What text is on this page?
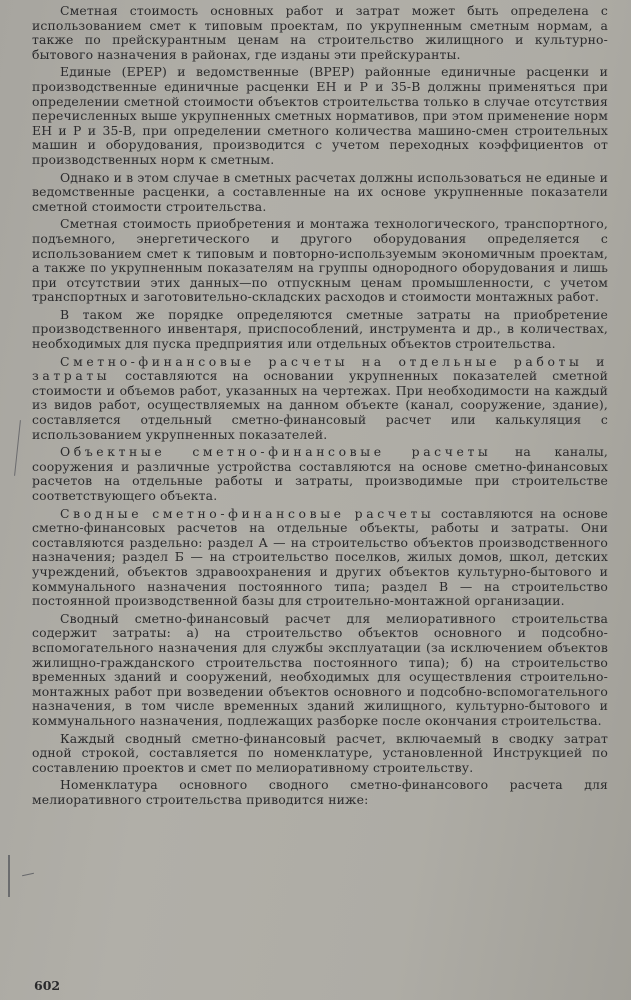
Сметная стоимость основных работ и затрат может быть определена с использованием смет к типовым проектам, по укрупненным сметным нормам, а также по прейскурантным ценам на строительство жилищного и культурно-бытового назначения в районах, где изданы эти прейскуранты.

Единые (ЕРЕР) и ведомственные (ВРЕР) районные единичные расценки и производственные единичные расценки ЕН и Р и 35-В должны применяться при определении сметной стоимости объектов строительства только в случае отсутствия перечисленных выше укрупненных сметных нормативов, при этом применение норм ЕН и Р и 35-В, при определении сметного количества машино-смен строительных машин и оборудования, производится с учетом переходных коэффициентов от производственных норм к сметным.

Однако и в этом случае в сметных расчетах должны использоваться не единые и ведомственные расценки, а составленные на их основе укрупненные показатели сметной стоимости строительства.

Сметная стоимость приобретения и монтажа технологического, транспортного, подъемного, энергетического и другого оборудования определяется с использованием смет к типовым и повторно-используемым экономичным проектам, а также по укрупненным показателям на группы однородного оборудования и лишь при отсутствии этих данных—по отпускным ценам промышленности, с учетом транспортных и заготовительно-складских расходов и стоимости монтажных работ.

В таком же порядке определяются сметные затраты на приобретение производственного инвентаря, приспособлений, инструмента и др., в количествах, необходимых для пуска предприятия или отдельных объектов строительства.

Сметно-финансовые расчеты на отдельные работы и затраты составляются на основании укрупненных показателей сметной стоимости и объемов работ, указанных на чертежах. При необходимости на каждый из видов работ, осуществляемых на данном объекте (канал, сооружение, здание), составляется отдельный сметно-финансовый расчет или калькуляция с использованием укрупненных показателей.

Объектные сметно-финансовые расчеты на каналы, сооружения и различные устройства составляются на основе сметно-финансовых расчетов на отдельные работы и затраты, производимые при строительстве соответствующего объекта.

Сводные сметно-финансовые расчеты составляются на основе сметно-финансовых расчетов на отдельные объекты, работы и затраты. Они составляются раздельно: раздел А — на строительство объектов производственного назначения; раздел Б — на строительство поселков, жилых домов, школ, детских учреждений, объектов здравоохранения и других объектов культурно-бытового и коммунального назначения постоянного типа; раздел В — на строительство постоянной производственной базы для строительно-монтажной организации.

Сводный сметно-финансовый расчет для мелиоративного строительства содержит затраты: а) на строительство объектов основного и подсобно-вспомогательного назначения для службы эксплуатации (за исключением объектов жилищно-гражданского строительства постоянного типа); б) на строительство временных зданий и сооружений, необходимых для осуществления строительно-монтажных работ при возведении объектов основного и подсобно-вспомогательного назначения, в том числе временных зданий жилищного, культурно-бытового и коммунального назначения, подлежащих разборке после окончания строительства.

Каждый сводный сметно-финансовый расчет, включаемый в сводку затрат одной строкой, составляется по номенклатуре, установленной Инструкцией по составлению проектов и смет по мелиоративному строительству.

Номенклатура основного сводного сметно-финансового расчета для мелиоративного строительства приводится ниже:

602
